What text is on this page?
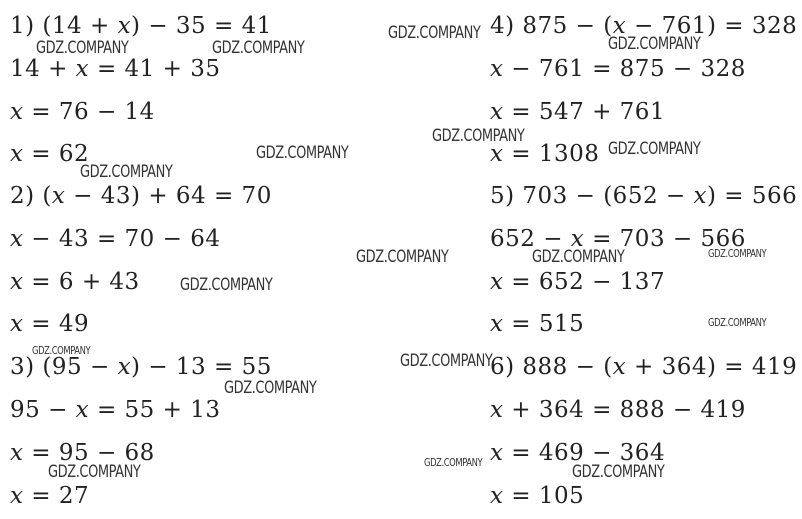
1) (14 + x) − 35 = 41
14 + x = 41 + 35
x = 76 − 14
x = 62
2) (x − 43) + 64 = 70
x − 43 = 70 − 64
x = 6 + 43
x = 49
3) (95 − x) − 13 = 55
95 − x = 55 + 13
x = 95 − 68
x = 27
4) 875 − (x − 761) = 328
x − 761 = 875 − 328
x = 547 + 761
x = 1308
5) 703 − (652 − x) = 566
652 − x = 703 − 566
x = 652 − 137
x = 515
6) 888 − (x + 364) = 419
x + 364 = 888 − 419
x = 469 − 364
x = 105
GDZ.COMPANY	GDZ.COMPANY
GDZ.COMPANY
GDZ.COMPANY
GDZ.COMPANY
GDZ.COMPANY
GDZ.COMPANY
GDZ.COMPANY
GDZ.COMPANY	GDZ.COMPANY	GDZ.COMPANY
GDZ.COMPANY
GDZ.COMPANY
GDZ.COMPANY
GDZ.COMPANY
GDZ.COMPANY
GDZ.COMPANY
GDZ.COMPANY	GDZ.COMPANY
